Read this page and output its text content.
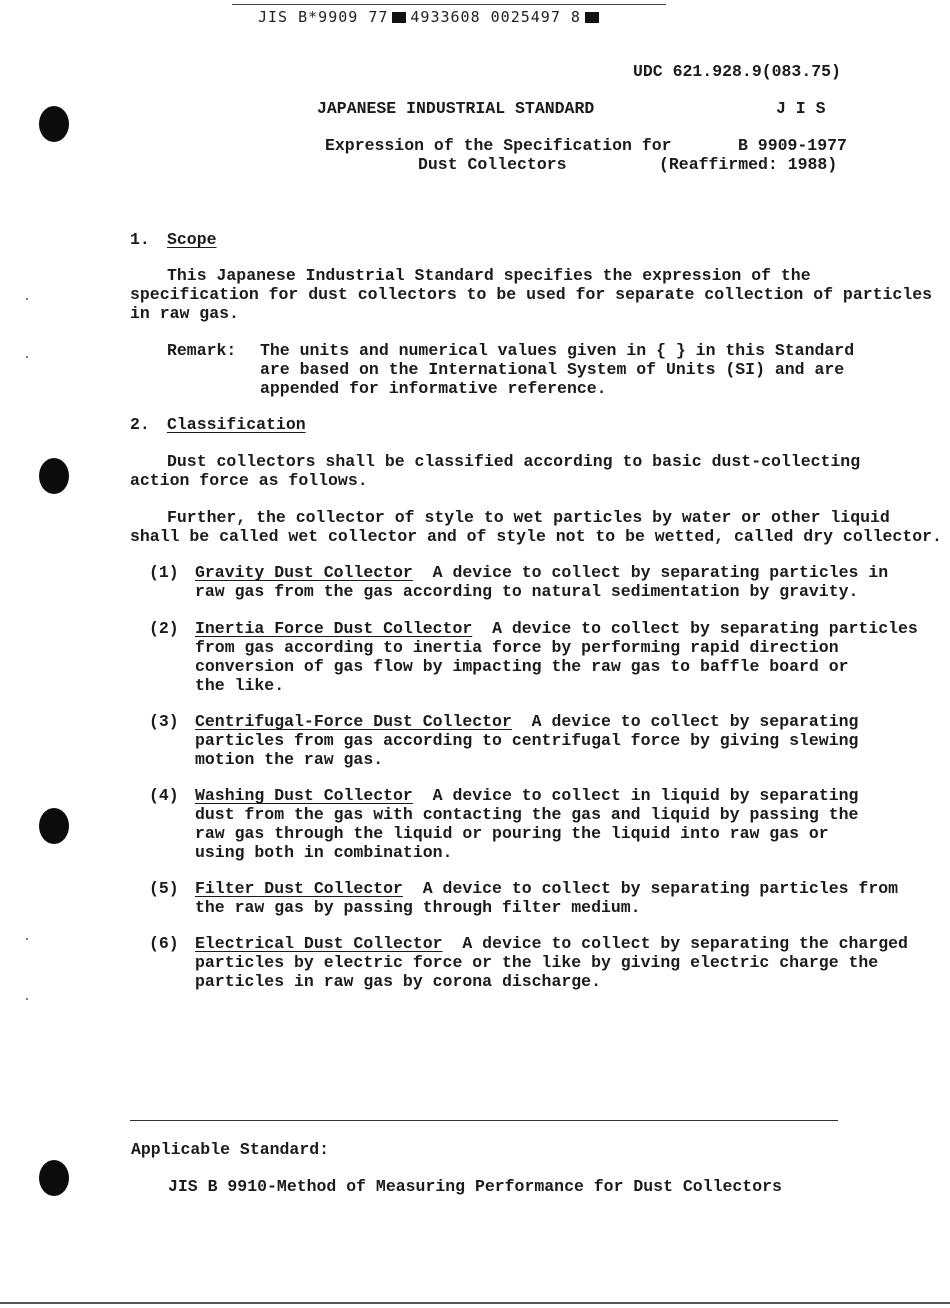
JIS B*9909 77 4933608 0025497 8
UDC 621.928.9(083.75)
JAPANESE INDUSTRIAL STANDARD	J I S
Expression of the Specification for
Dust Collectors
B 9909-1977
(Reaffirmed: 1988)
1. Scope
This Japanese Industrial Standard specifies the expression of the
specification for dust collectors to be used for separate collection of particles
in raw gas.
Remark: The units and numerical values given in { } in this Standard
are based on the International System of Units (SI) and are
appended for informative reference.
2. Classification
Dust collectors shall be classified according to basic dust-collecting
action force as follows.
Further, the collector of style to wet particles by water or other liquid
shall be called wet collector and of style not to be wetted, called dry collector.
(1) Gravity Dust Collector A device to collect by separating particles in
raw gas from the gas according to natural sedimentation by gravity.
(2) Inertia Force Dust Collector A device to collect by separating particles
from gas according to inertia force by performing rapid direction
conversion of gas flow by impacting the raw gas to baffle board or
the like.
(3) Centrifugal-Force Dust Collector A device to collect by separating
particles from gas according to centrifugal force by giving slewing
motion the raw gas.
(4) Washing Dust Collector A device to collect in liquid by separating
dust from the gas with contacting the gas and liquid by passing the
raw gas through the liquid or pouring the liquid into raw gas or
using both in combination.
(5) Filter Dust Collector A device to collect by separating particles from
the raw gas by passing through filter medium.
(6) Electrical Dust Collector A device to collect by separating the charged
particles by electric force or the like by giving electric charge the
particles in raw gas by corona discharge.
Applicable Standard:
JIS B 9910-Method of Measuring Performance for Dust Collectors
